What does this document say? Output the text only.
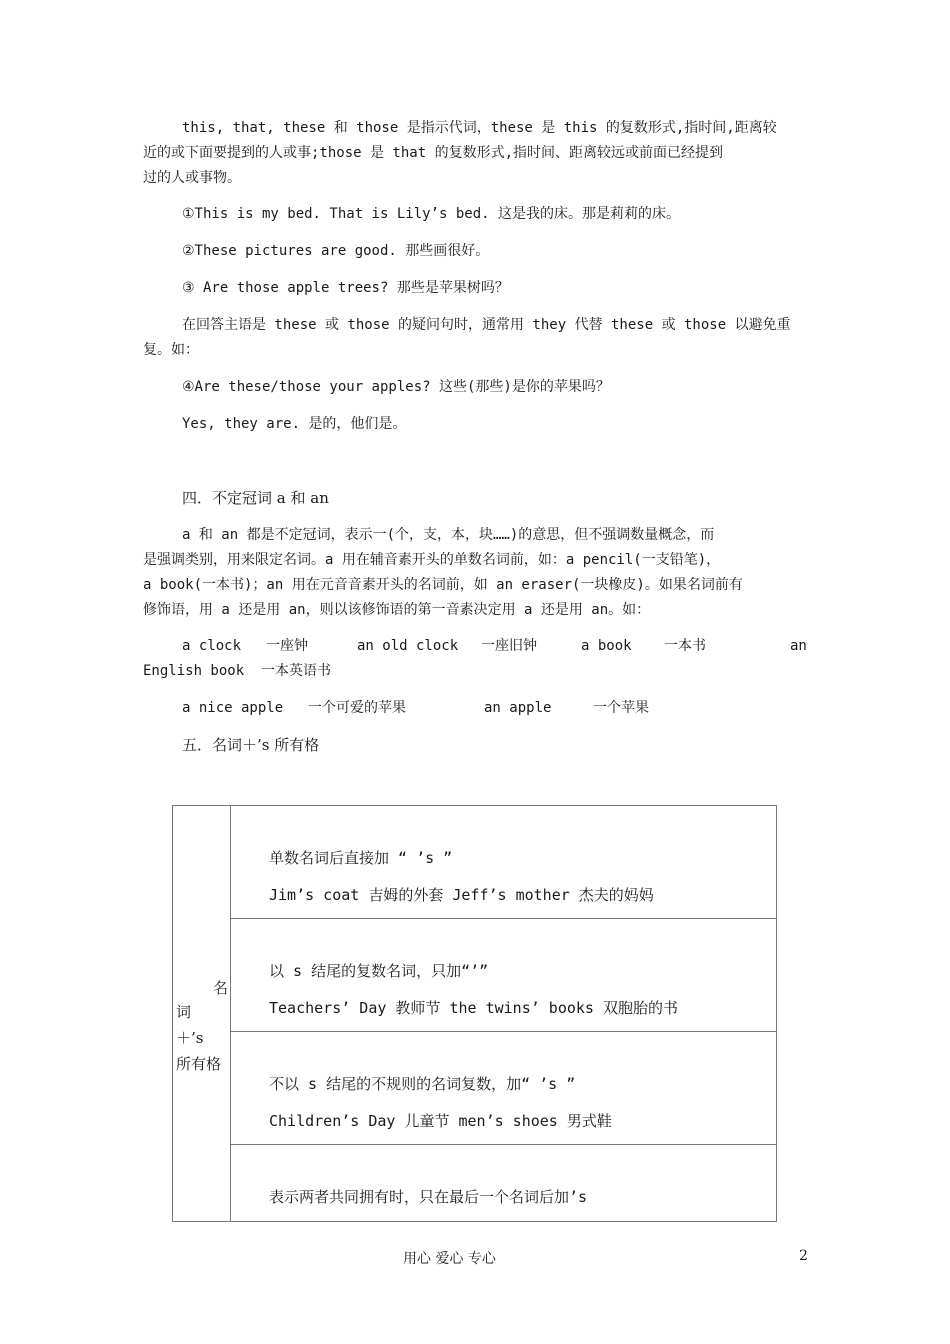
this, that, these 和 those 是指示代词，these 是 this 的复数形式,指时间,距离较
近的或下面要提到的人或事;those 是 that 的复数形式,指时间、距离较远或前面已经提到
过的人或事物。
①This is my bed. That is Lily’s bed. 这是我的床。那是莉莉的床。
②These pictures are good. 那些画很好。
③ Are those apple trees? 那些是苹果树吗？
在回答主语是 these 或 those 的疑问句时，通常用 they 代替 these 或 those 以避免重
复。如：
④Are these/those your apples? 这些(那些)是你的苹果吗？
Yes, they are. 是的，他们是。
四．不定冠词 a 和 an
a 和 an 都是不定冠词，表示一(个，支，本，块……)的意思，但不强调数量概念，而
是强调类别，用来限定名词。a 用在辅音素开头的单数名词前，如：a pencil(一支铅笔)，
a book(一本书)；an 用在元音音素开头的名词前，如 an eraser(一块橡皮)。如果名词前有
修饰语，用 a 还是用 an，则以该修饰语的第一音素决定用 a 还是用 an。如：
a clock 一座钟	an old clock 一座旧钟	a book 一本书	an
English book  一本英语书
a nice apple 一个可爱的苹果	an apple	一个苹果
五．名词＋’s 所有格
名
词
＋’s
所有格
单数名词后直接加 “ ’s ”
Jim’s coat 吉姆的外套 Jeff’s mother 杰夫的妈妈
以 s 结尾的复数名词，只加“’”
Teachers’ Day 教师节 the twins’ books 双胞胎的书
不以 s 结尾的不规则的名词复数，加“ ’s ”
Children’s Day 儿童节 men’s shoes 男式鞋
表示两者共同拥有时，只在最后一个名词后加’s
用心 爱心 专心	2
